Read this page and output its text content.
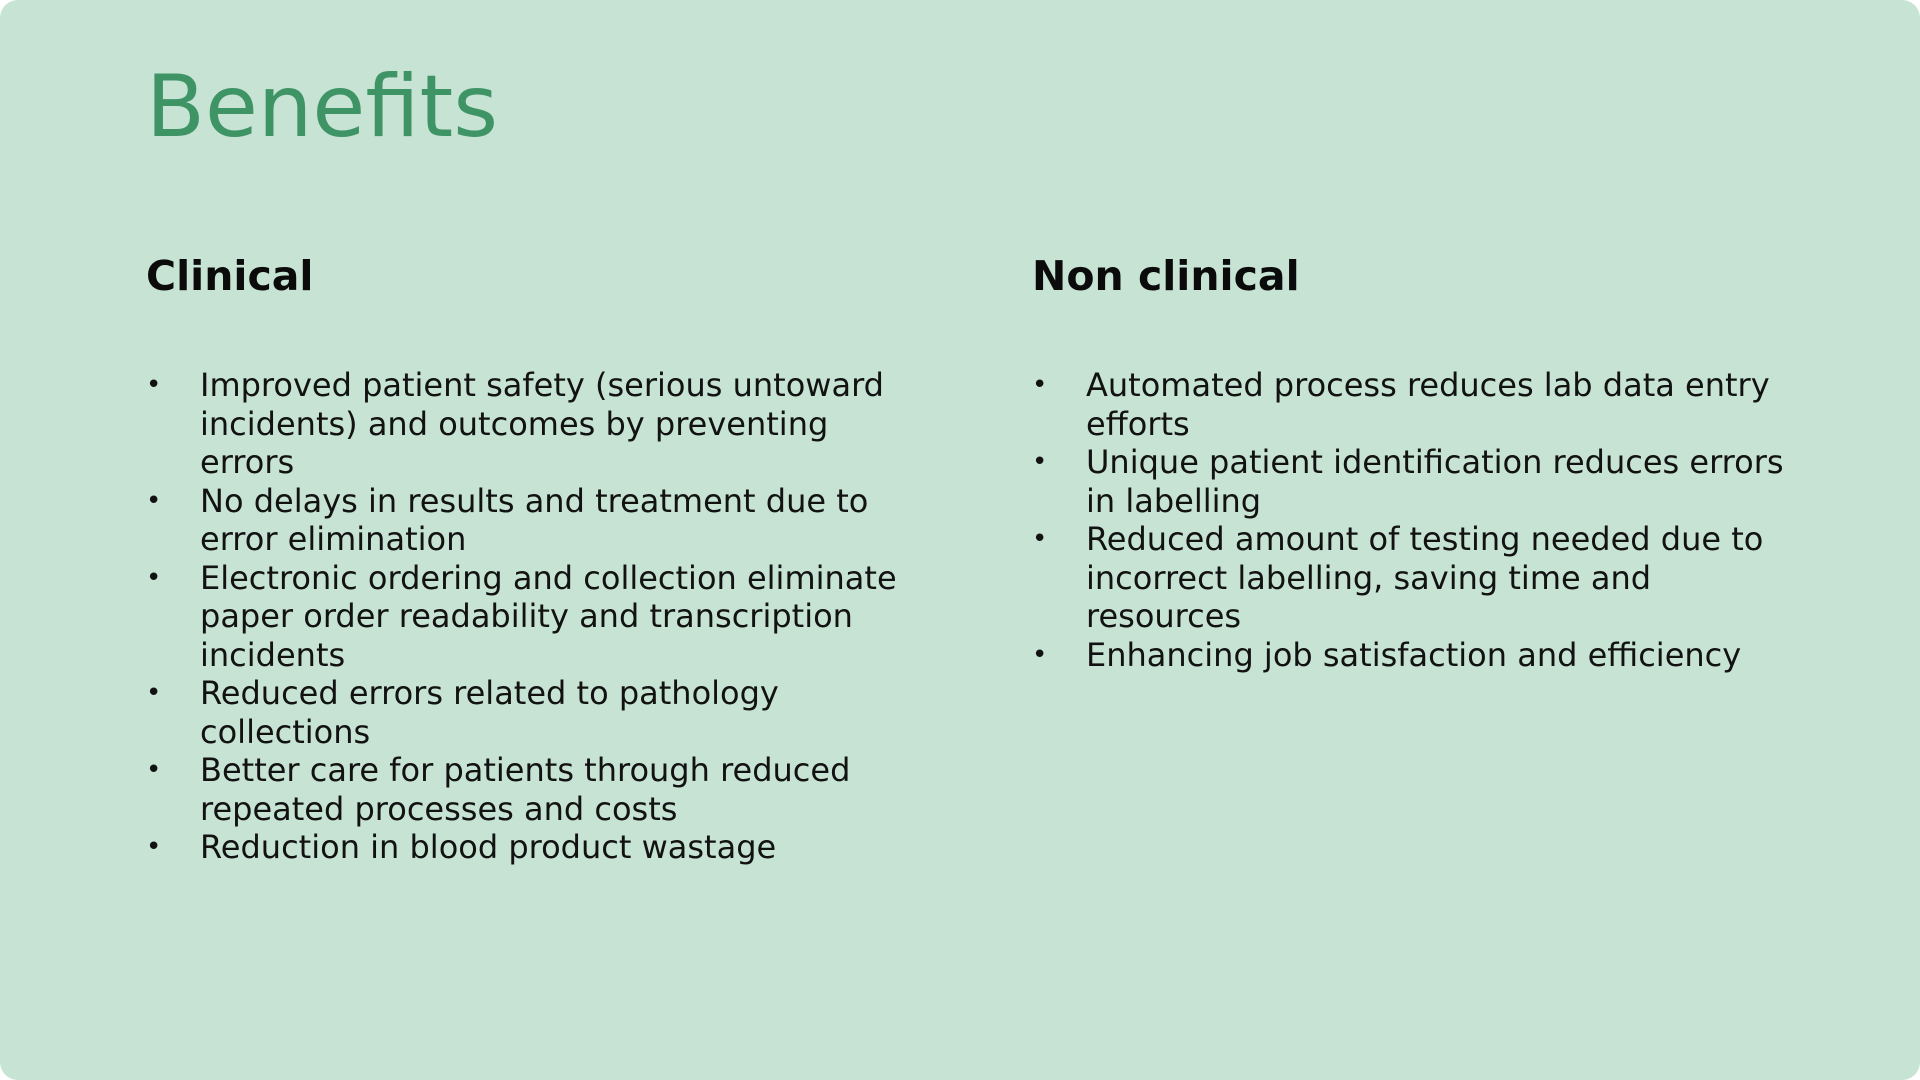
Benefits
Clinical
• Improved patient safety (serious untoward incidents) and outcomes by preventing errors
• No delays in results and treatment due to error elimination
• Electronic ordering and collection eliminate paper order readability and transcription incidents
• Reduced errors related to pathology collections
• Better care for patients through reduced repeated processes and costs
• Reduction in blood product wastage
Non clinical
• Automated process reduces lab data entry efforts
• Unique patient identification reduces errors in labelling
• Reduced amount of testing needed due to incorrect labelling, saving time and resources
• Enhancing job satisfaction and efficiency
